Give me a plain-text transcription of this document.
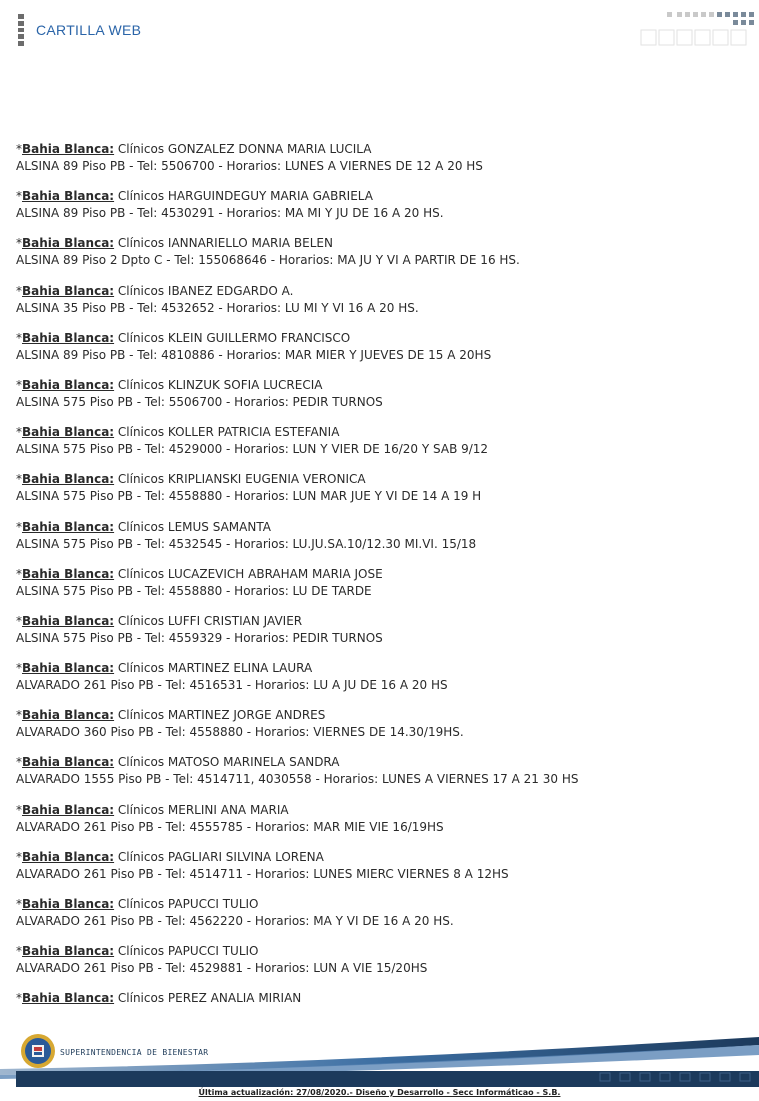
CARTILLA WEB
*Bahia Blanca: Clínicos GONZALEZ DONNA MARIA LUCILA
ALSINA 89 Piso PB - Tel: 5506700 - Horarios: LUNES A VIERNES DE 12 A 20 HS
*Bahia Blanca: Clínicos HARGUINDEGUY MARIA GABRIELA
ALSINA 89 Piso PB - Tel: 4530291 - Horarios: MA MI Y JU DE 16 A 20 HS.
*Bahia Blanca: Clínicos IANNARIELLO MARIA BELEN
ALSINA 89 Piso 2 Dpto C - Tel: 155068646 - Horarios: MA JU Y VI A PARTIR DE 16 HS.
*Bahia Blanca: Clínicos IBANEZ EDGARDO A.
ALSINA 35 Piso PB - Tel: 4532652 - Horarios: LU MI Y VI 16 A 20 HS.
*Bahia Blanca: Clínicos KLEIN GUILLERMO FRANCISCO
ALSINA 89 Piso PB - Tel: 4810886 - Horarios: MAR MIER Y JUEVES DE 15 A 20HS
*Bahia Blanca: Clínicos KLINZUK SOFIA LUCRECIA
ALSINA 575 Piso PB - Tel: 5506700 - Horarios: PEDIR TURNOS
*Bahia Blanca: Clínicos KOLLER PATRICIA ESTEFANIA
ALSINA 575 Piso PB - Tel: 4529000 - Horarios: LUN Y VIER DE 16/20 Y SAB 9/12
*Bahia Blanca: Clínicos KRIPLIANSKI EUGENIA VERONICA
ALSINA 575 Piso PB - Tel: 4558880 - Horarios: LUN MAR JUE Y VI DE 14 A 19 H
*Bahia Blanca: Clínicos LEMUS SAMANTA
ALSINA 575 Piso PB - Tel: 4532545 - Horarios: LU.JU.SA.10/12.30 MI.VI. 15/18
*Bahia Blanca: Clínicos LUCAZEVICH ABRAHAM MARIA JOSE
ALSINA 575 Piso PB - Tel: 4558880 - Horarios: LU DE TARDE
*Bahia Blanca: Clínicos LUFFI CRISTIAN JAVIER
ALSINA 575 Piso PB - Tel: 4559329 - Horarios: PEDIR TURNOS
*Bahia Blanca: Clínicos MARTINEZ ELINA LAURA
ALVARADO 261 Piso PB - Tel: 4516531 - Horarios: LU A JU DE 16 A 20 HS
*Bahia Blanca: Clínicos MARTINEZ JORGE ANDRES
ALVARADO 360 Piso PB - Tel: 4558880 - Horarios: VIERNES DE 14.30/19HS.
*Bahia Blanca: Clínicos MATOSO MARINELA SANDRA
ALVARADO 1555 Piso PB - Tel: 4514711, 4030558 - Horarios: LUNES A VIERNES 17 A 21 30 HS
*Bahia Blanca: Clínicos MERLINI ANA MARIA
ALVARADO 261 Piso PB - Tel: 4555785 - Horarios: MAR MIE VIE 16/19HS
*Bahia Blanca: Clínicos PAGLIARI SILVINA LORENA
ALVARADO 261 Piso PB - Tel: 4514711 - Horarios: LUNES MIERC VIERNES 8 A 12HS
*Bahia Blanca: Clínicos PAPUCCI TULIO
ALVARADO 261 Piso PB - Tel: 4562220 - Horarios: MA Y VI DE 16 A 20 HS.
*Bahia Blanca: Clínicos PAPUCCI TULIO
ALVARADO 261 Piso PB - Tel: 4529881 - Horarios: LUN A VIE 15/20HS
*Bahia Blanca: Clínicos PEREZ ANALIA MIRIAN
SUPERINTENDENCIA DE BIENESTAR
Última actualización: 27/08/2020.- Diseño y Desarrollo - Secc Informáticao - S.B.
